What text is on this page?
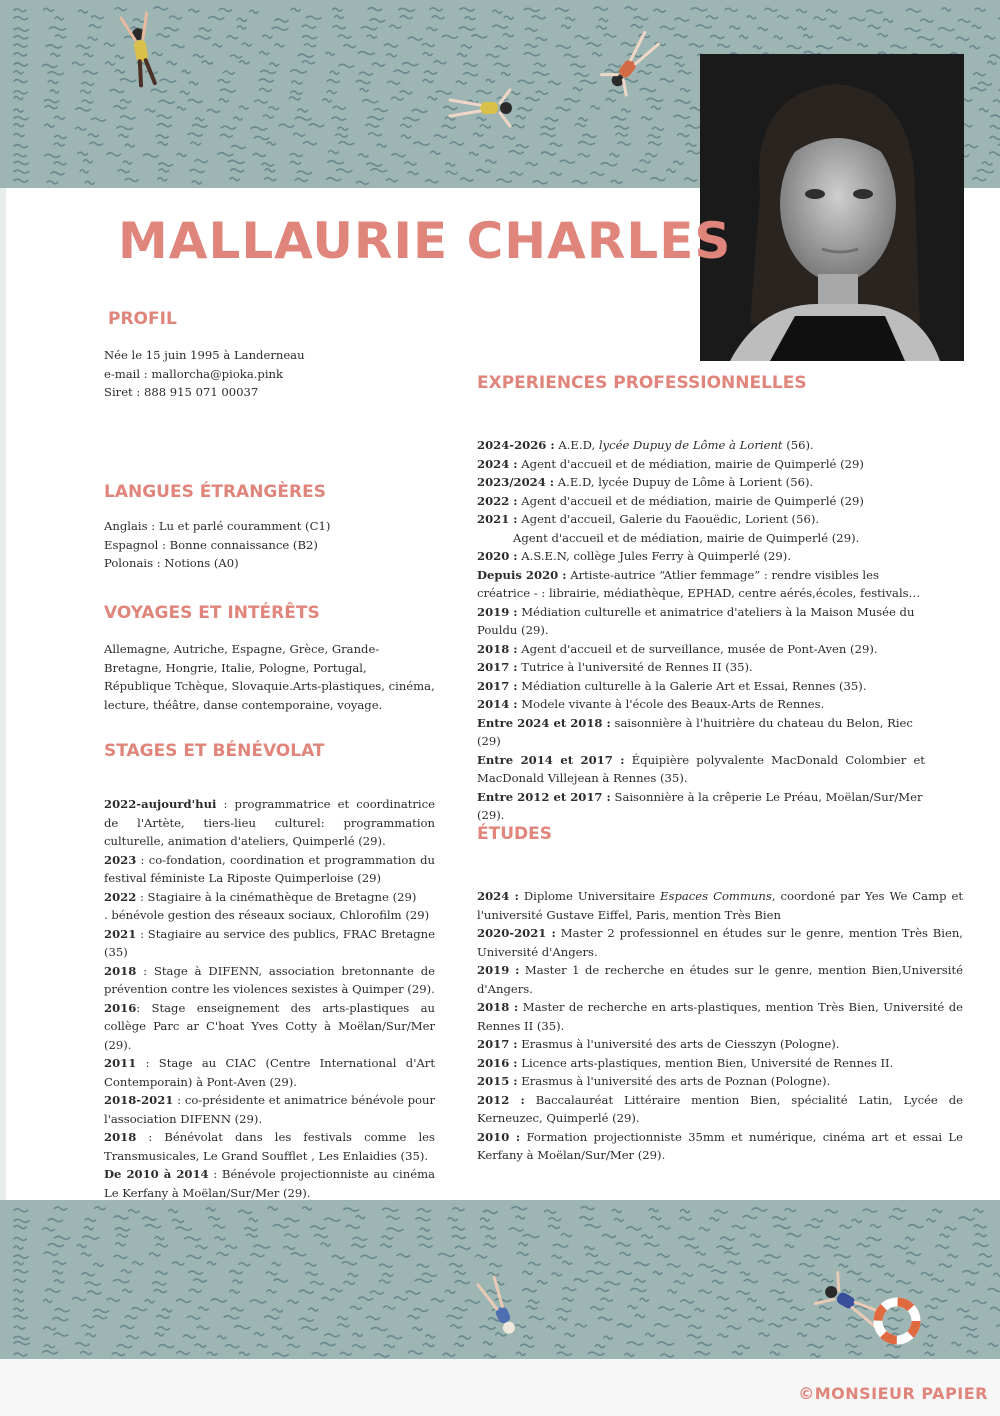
MALLAURIE CHARLES
PROFIL

Née le 15 juin 1995 à Landerneau

e-mail : mallorcha@pioka.pink

Siret : 888 915 071 00037

LANGUES ÉTRANGÈRES

Anglais : Lu et parlé couramment (C1)

Espagnol : Bonne connaissance (B2)

Polonais : Notions (A0)

VOYAGES ET INTÉRÊTS

Allemagne, Autriche, Espagne, Grèce, Grande-Bretagne, Hongrie, Italie, Pologne, Portugal, République Tchèque, Slovaquie.Arts-plastiques, cinéma, lecture, théâtre, danse contemporaine, voyage.

STAGES ET BÉNÉVOLAT

2022-aujourd'hui : programmatrice et coordinatrice de l'Artète, tiers-lieu culturel: programmation culturelle, animation d'ateliers, Quimperlé (29).

2023 : co-fondation, coordination et programmation du festival féministe La Riposte Quimperloise (29)

2022 : Stagiaire à la cinémathèque de Bretagne (29)

. bénévole gestion des réseaux sociaux, Chlorofilm (29)

2021 : Stagiaire au service des publics, FRAC Bretagne (35)

2018 : Stage à DIFENN, association bretonnante de prévention contre les violences sexistes à Quimper (29).

2016: Stage enseignement des arts-plastiques au collège Parc ar C'hoat Yves Cotty à Moëlan/Sur/Mer (29).

2011 : Stage au CIAC (Centre International d'Art Contemporain) à Pont-Aven (29).

2018-2021 : co-présidente et animatrice bénévole pour l'association DIFENN (29).

2018 : Bénévolat dans les festivals comme les Transmusicales, Le Grand Soufflet , Les Enlaidies (35).

De 2010 à 2014 : Bénévole projectionniste au cinéma Le Kerfany à Moëlan/Sur/Mer (29).

EXPERIENCES PROFESSIONNELLES

2024-2026 : A.E.D, lycée Dupuy de Lôme à Lorient (56).

2024 : Agent d'accueil et de médiation, mairie de Quimperlé (29)

2023/2024 : A.E.D, lycée Dupuy de Lôme à Lorient (56).

2022 : Agent d'accueil et de médiation, mairie de Quimperlé (29)

2021 : Agent d'accueil, Galerie du Faouëdic, Lorient (56).

Agent d'accueil et de médiation, mairie de Quimperlé (29).

2020 : A.S.E.N, collège Jules Ferry à Quimperlé (29).

Depuis 2020 : Artiste-autrice “Atlier femmage” : rendre visibles les créatrice - : librairie, médiathèque, EPHAD, centre aérés,écoles, festivals…

2019 : Médiation culturelle et animatrice d'ateliers à la Maison Musée du Pouldu (29).

2018 : Agent d'accueil et de surveillance, musée de Pont-Aven (29).

2017 : Tutrice à l'université de Rennes II (35).

2017 : Médiation culturelle à la Galerie Art et Essai, Rennes (35).

2014 : Modele vivante à l'école des Beaux-Arts de Rennes.

Entre 2024 et 2018 : saisonnière à l'huitrière du chateau du Belon, Riec (29)

Entre 2014 et 2017 : Équipière polyvalente MacDonald Colombier et MacDonald Villejean à Rennes (35).

Entre 2012 et 2017 : Saisonnière à la crêperie Le Préau, Moëlan/Sur/Mer (29).

ÉTUDES

2024 : Diplome Universitaire Espaces Communs, coordoné par Yes We Camp et l'université Gustave Eiffel, Paris, mention Très Bien

2020-2021 : Master 2 professionnel en études sur le genre, mention Très Bien, Université d'Angers.

2019 : Master 1 de recherche en études sur le genre, mention Bien,Université d'Angers.

2018 : Master de recherche en arts-plastiques, mention Très Bien, Université de Rennes II (35).

2017 : Erasmus à l'université des arts de Ciesszyn (Pologne).

2016 : Licence arts-plastiques, mention Bien, Université de Rennes II.

2015 : Erasmus à l'université des arts de Poznan (Pologne).

2012 : Baccalauréat Littéraire mention Bien, spécialité Latin, Lycée de Kerneuzec, Quimperlé (29).

2010 : Formation projectionniste 35mm et numérique, cinéma art et essai Le Kerfany à Moëlan/Sur/Mer (29).

©MONSIEUR PAPIER
